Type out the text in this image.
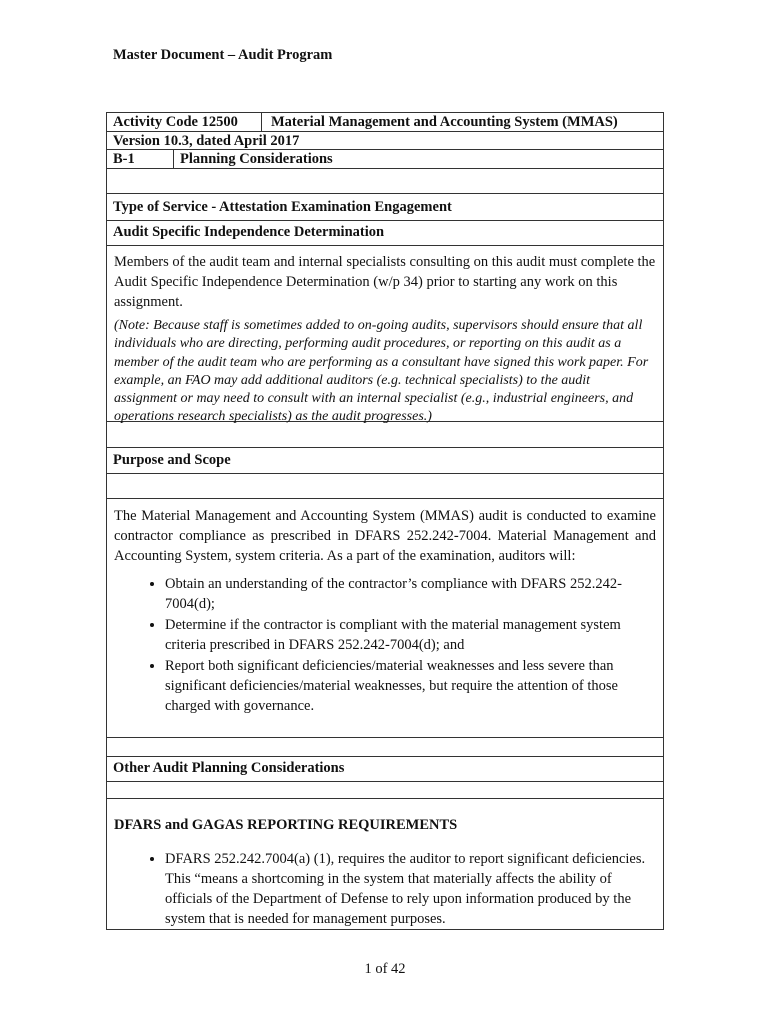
Master Document – Audit Program
Activity Code 12500	Material Management and Accounting System (MMAS)
Version 10.3, dated April 2017
B-1	Planning Considerations
Type of Service - Attestation Examination Engagement
Audit Specific Independence Determination
Members of the audit team and internal specialists consulting on this audit must complete the Audit Specific Independence Determination (w/p 34) prior to starting any work on this assignment.
(Note: Because staff is sometimes added to on-going audits, supervisors should ensure that all individuals who are directing, performing audit procedures, or reporting on this audit as a member of the audit team who are performing as a consultant have signed this work paper. For example, an FAO may add additional auditors (e.g. technical specialists) to the audit assignment or may need to consult with an internal specialist (e.g., industrial engineers, and operations research specialists) as the audit progresses.)
Purpose and Scope
The Material Management and Accounting System (MMAS) audit is conducted to examine contractor compliance as prescribed in DFARS 252.242-7004. Material Management and Accounting System, system criteria. As a part of the examination, auditors will:
• Obtain an understanding of the contractor’s compliance with DFARS 252.242-7004(d);
• Determine if the contractor is compliant with the material management system criteria prescribed in DFARS 252.242-7004(d); and
• Report both significant deficiencies/material weaknesses and less severe than significant deficiencies/material weaknesses, but require the attention of those charged with governance.
Other Audit Planning Considerations
DFARS and GAGAS REPORTING REQUIREMENTS
• DFARS 252.242.7004(a) (1), requires the auditor to report significant deficiencies. This “means a shortcoming in the system that materially affects the ability of officials of the Department of Defense to rely upon information produced by the system that is needed for management purposes.
1 of 42
